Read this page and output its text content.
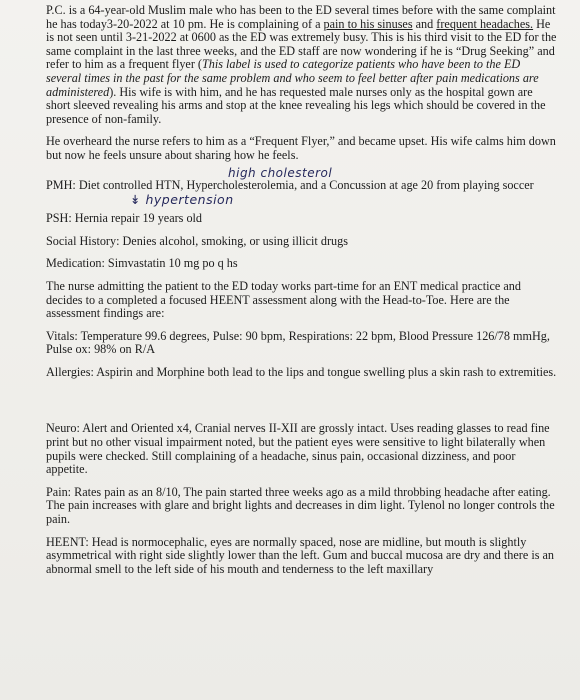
P.C. is a 64-year-old Muslim male who has been to the ED several times before with the same complaint he has today3-20-2022 at 10 pm. He is complaining of a pain to his sinuses and frequent headaches. He is not seen until 3-21-2022 at 0600 as the ED was extremely busy. This is his third visit to the ED for the same complaint in the last three weeks, and the ED staff are now wondering if he is “Drug Seeking” and refer to him as a frequent flyer (This label is used to categorize patients who have been to the ED several times in the past for the same problem and who seem to feel better after pain medications are administered). His wife is with him, and he has requested male nurses only as the hospital gown are short sleeved revealing his arms and stop at the knee revealing his legs which should be covered in the presence of non-family.

He overheard the nurse refers to him as a “Frequent Flyer,” and became upset. His wife calms him down but now he feels unsure about sharing how he feels.

high cholesterol

PMH: Diet controlled HTN, Hypercholesterolemia, and a Concussion at age 20 from playing soccer

↡ hypertension

PSH: Hernia repair 19 years old

Social History: Denies alcohol, smoking, or using illicit drugs

Medication: Simvastatin 10 mg po q hs

The nurse admitting the patient to the ED today works part-time for an ENT medical practice and decides to a completed a focused HEENT assessment along with the Head-to-Toe. Here are the assessment findings are:

Vitals: Temperature 99.6 degrees, Pulse: 90 bpm, Respirations: 22 bpm, Blood Pressure 126/78 mmHg, Pulse ox: 98% on R/A

Allergies: Aspirin and Morphine both lead to the lips and tongue swelling plus a skin rash to extremities.

Neuro: Alert and Oriented x4, Cranial nerves II-XII are grossly intact. Uses reading glasses to read fine print but no other visual impairment noted, but the patient eyes were sensitive to light bilaterally when pupils were checked. Still complaining of a headache, sinus pain, occasional dizziness, and poor appetite.

Pain: Rates pain as an 8/10, The pain started three weeks ago as a mild throbbing headache after eating. The pain increases with glare and bright lights and decreases in dim light. Tylenol no longer controls the pain.

HEENT: Head is normocephalic, eyes are normally spaced, nose are midline, but mouth is slightly asymmetrical with right side slightly lower than the left. Gum and buccal mucosa are dry and there is an abnormal smell to the left side of his mouth and tenderness to the left maxillary
